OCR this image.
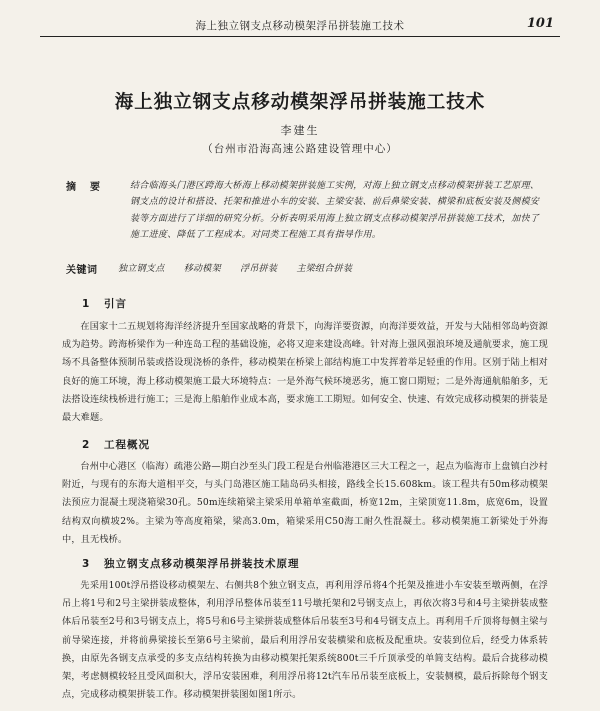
海上独立钢支点移动模架浮吊拼装施工技术	101
海上独立钢支点移动模架浮吊拼装施工技术
李建生
（台州市沿海高速公路建设管理中心）
摘　要	结合临海头门港区跨海大桥海上移动模架拼装施工实例，对海上独立钢支点移动模架拼装工艺原理、钢支点的设计和搭设、托架和推进小车的安装、主梁安装、前后鼻梁安装、横梁和底板安装及侧模安装等方面进行了详细的研究分析。分析表明采用海上独立钢支点移动模架浮吊拼装施工技术，加快了施工进度、降低了工程成本。对同类工程施工具有指导作用。
关键词	独立钢支点 移动模架 浮吊拼装 主梁组合拼装
1 引言

在国家十二五规划将海洋经济提升至国家战略的背景下，向海洋要资源，向海洋要效益，开发与大陆相邻岛屿资源成为趋势。跨海桥梁作为一种连岛工程的基础设施，必将又迎来建设高峰。针对海上强风强浪环境及通航要求，施工现场不具备整体预制吊装或搭设现浇桥的条件，移动模架在桥梁上部结构施工中发挥着举足轻重的作用。区别于陆上相对良好的施工环境，海上移动模架施工最大环境特点：一是外海气候环境恶劣，施工窗口期短；二是外海通航船舶多，无法搭设连续栈桥进行施工；三是海上船舶作业成本高，要求施工工期短。如何安全、快速、有效完成移动模架的拼装是最大难题。

2 工程概况

台州中心港区（临海）疏港公路—期白沙至头门段工程是台州临港港区三大工程之一，起点为临海市上盘镇白沙村附近，与现有的东海大道相平交，与头门岛港区施工陆岛码头相接，路线全长15.608km。该工程共有50m移动模架法预应力混凝土现浇箱梁30孔。50m连续箱梁主梁采用单箱单室截面，桥宽12m，主梁顶宽11.8m，底宽6m，设置结构双向横坡2%。主梁为等高度箱梁，梁高3.0m，箱梁采用C50海工耐久性混凝土。移动模架施工新梁处于外海中，且无栈桥。

3 独立钢支点移动模架浮吊拼装技术原理

先采用100t浮吊搭设移动模架左、右侧共8个独立钢支点，再利用浮吊将4个托架及推进小车安装至墩两侧，在浮吊上将1号和2号主梁拼装成整体，利用浮吊整体吊装至11号墩托架和2号钢支点上，再依次将3号和4号主梁拼装成整体后吊装至2号和3号钢支点上，将5号和6号主梁拼装成整体后吊装至3号和4号钢支点上。再利用千斤顶将每侧主梁与前导梁连接，并将前鼻梁接长至第6号主梁前，最后利用浮吊安装横梁和底板及配重块。安装到位后，经受力体系转换，由原先各钢支点承受的多支点结构转换为由移动模架托架系统800t三千斤顶承受的单简支结构。最后合拢移动模架，考虑侧模较轻且受风面积大，浮吊安装困难，利用浮吊将12t汽车吊吊装至底板上，安装侧模，最后拆除每个钢支点，完成移动模架拼装工作。移动模架拼装图如图1所示。
